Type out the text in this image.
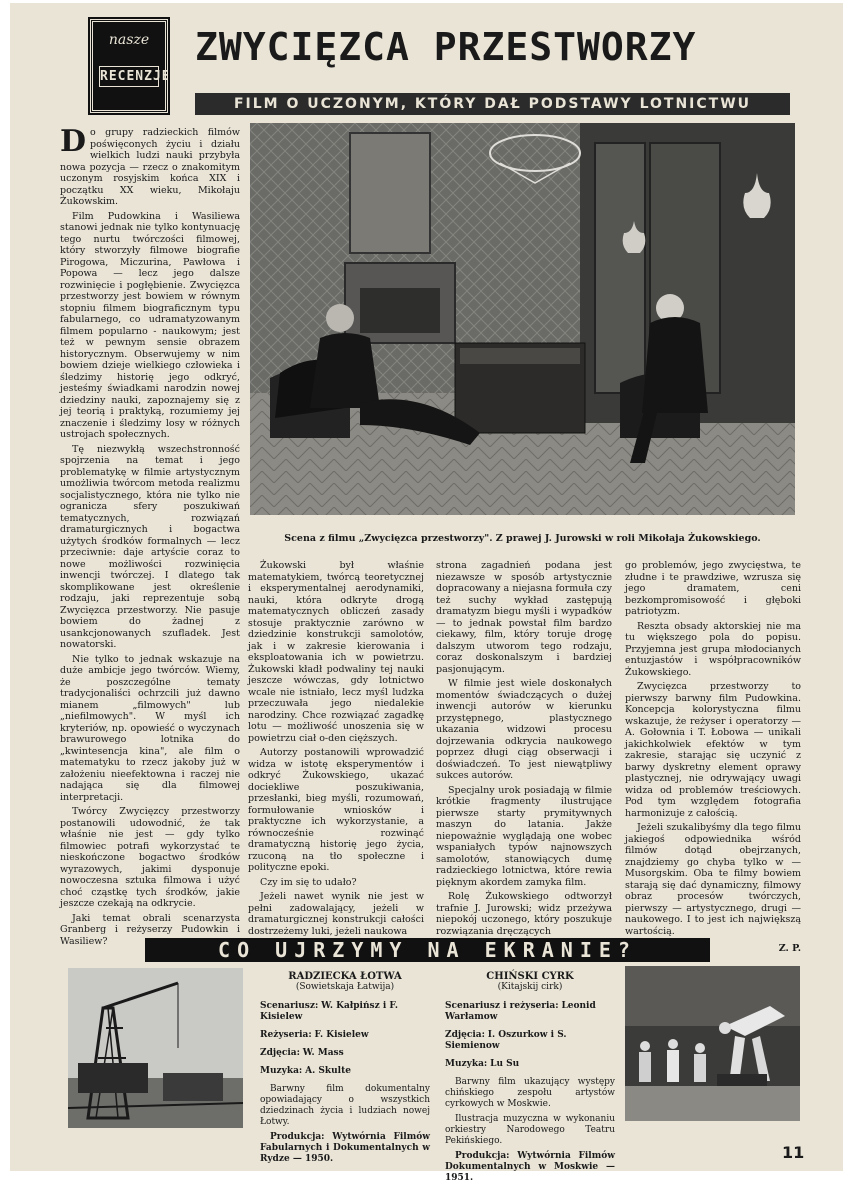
nasze
RECENZJE
ZWYCIĘZCA PRZESTWORZY
FILM O UCZONYM, KTÓRY DAŁ PODSTAWY LOTNICTWU

Do grupy radzieckich filmów poświęconych życiu i działu wielkich ludzi nauki przybyła nowa pozycja — rzecz o znakomitym uczonym rosyjskim końca XIX i początku XX wieku, Mikołaju Żukowskim.

Film Pudowkina i Wasiliewa stanowi jednak nie tylko kontynuację tego nurtu twórczości filmowej, który stworzyły filmowe biografie Pirogowa, Miczurina, Pawłowa i Popowa — lecz jego dalsze rozwinięcie i pogłębienie. Zwycięzca przestworzy jest bowiem w równym stopniu filmem biograficznym typu fabularnego, co udramatyzowanym filmem popularno - naukowym; jest też w pewnym sensie obrazem historycznym. Obserwujemy w nim bowiem dzieje wielkiego człowieka i śledzimy historię jego odkryć, jesteśmy świadkami narodzin nowej dziedziny nauki, zapoznajemy się z jej teorią i praktyką, rozumiemy jej znaczenie i śledzimy losy w różnych ustrojach społecznych.

Tę niezwykłą wszechstronność spojrzenia na temat i jego problematykę w filmie artystycznym umożliwia twórcom metoda realizmu socjalistycznego, która nie tylko nie ogranicza sfery poszukiwań tematycznych, rozwiązań dramaturgicznych i bogactwa użytych środków formalnych — lecz przeciwnie: daje artyście coraz to nowe możliwości rozwinięcia inwencji twórczej. I dlatego tak skomplikowane jest określenie rodzaju, jaki reprezentuje sobą Zwycięzca przestworzy. Nie pasuje bowiem do żadnej z usankcjonowanych szufladek. Jest nowatorski.

Nie tylko to jednak wskazuje na duże ambicje jego twórców. Wiemy, że poszczególne tematy tradycjonaliści ochrzcili już dawno mianem „filmowych" lub „niefilmowych". W myśl ich kryteriów, np. opowieść o wyczynach brawurowego lotnika do „kwintesencja kina", ale film o matematyku to rzecz jakoby już w założeniu nieefektowna i raczej nie nadająca się dla filmowej interpretacji.

Twórcy Zwycięzcy przestworzy postanowili udowodnić, że tak właśnie nie jest — gdy tylko filmowiec potrafi wykorzystać te nieskończone bogactwo środków wyrazowych, jakimi dysponuje nowoczesna sztuka filmowa i użyć choć cząstkę tych środków, jakie jeszcze czekają na odkrycie.

Jaki temat obrali scenarzysta Granberg i reżyserzy Pudowkin i Wasiliew?

Scena z filmu „Zwycięzca przestworzy". Z prawej J. Jurowski w roli Mikołaja Żukowskiego.

Żukowski był właśnie matematykiem, twórcą teoretycznej i eksperymentalnej aerodynamiki, nauki, która odkryte drogą matematycznych obliczeń zasady stosuje praktycznie zarówno w dziedzinie konstrukcji samolotów, jak i w zakresie kierowania i eksploatowania ich w powietrzu. Żukowski kładł podwaliny tej nauki jeszcze wówczas, gdy lotnictwo wcale nie istniało, lecz myśl ludzka przeczuwała jego niedalekie narodziny. Chce rozwiązać zagadkę lotu — możliwość unoszenia się w powietrzu ciał o-den cięższych.

Autorzy postanowili wprowadzić widza w istotę eksperymentów i odkryć Żukowskiego, ukazać dociekliwe poszukiwania, przesłanki, bieg myśli, rozumowań, formułowanie wniosków i praktyczne ich wykorzystanie, a równocześnie rozwinąć dramatyczną historię jego życia, rzuconą na tło społeczne i polityczne epoki.

Czy im się to udało?

Jeżeli nawet wynik nie jest w pełni zadowalający, jeżeli w dramaturgicznej konstrukcji całości dostrzeżemy luki, jeżeli naukowa

strona zagadnień podana jest niezawsze w sposób artystycznie dopracowany a niejasna formuła czy też suchy wykład zastępują dramatyzm biegu myśli i wypadków — to jednak powstał film bardzo ciekawy, film, który toruje drogę dalszym utworom tego rodzaju, coraz doskonalszym i bardziej pasjonującym.

W filmie jest wiele doskonałych momentów świadczących o dużej inwencji autorów w kierunku przystępnego, plastycznego ukazania widzowi procesu dojrzewania odkrycia naukowego poprzez długi ciąg obserwacji i doświadczeń. To jest niewątpliwy sukces autorów.

Specjalny urok posiadają w filmie krótkie fragmenty ilustrujące pierwsze starty prymitywnych maszyn do latania. Jakże niepoważnie wyglądają one wobec wspaniałych typów najnowszych samolotów, stanowiących dumę radzieckiego lotnictwa, które rewia pięknym akordem zamyka film.

Rolę Żukowskiego odtworzył trafnie J. Jurowski; widz przeżywa niepokój uczonego, który poszukuje rozwiązania dręczących

go problemów, jego zwycięstwa, te złudne i te prawdziwe, wzrusza się jego dramatem, ceni bezkompromisowość i głęboki patriotyzm.

Reszta obsady aktorskiej nie ma tu większego pola do popisu. Przyjemna jest grupa młodocianych entuzjastów i współpracowników Żukowskiego.

Zwycięzca przestworzy to pierwszy barwny film Pudowkina. Koncepcja kolorystyczna filmu wskazuje, że reżyser i operatorzy — A. Gołownia i T. Łobowa — unikali jakichkolwiek efektów w tym zakresie, starając się uczynić z barwy dyskretny element oprawy plastycznej, nie odrywający uwagi widza od problemów treściowych. Pod tym względem fotografia harmonizuje z całością.

Jeżeli szukalibyśmy dla tego filmu jakiegoś odpowiednika wśród filmów dotąd obejrzanych, znajdziemy go chyba tylko w — Musorgskim. Oba te filmy bowiem starają się dać dynamiczny, filmowy obraz procesów twórczych, pierwszy — artystycznego, drugi — naukowego. I to jest ich największą wartością.

Z. P.
CO UJRZYMY NA EKRANIE?
RADZIECKA ŁOTWA
(Sowietskaja Łatwija)
Scenariusz: W. Kałpińsz i F. Kisielew
Reżyseria: F. Kisielew
Zdjęcia: W. Mass
Muzyka: A. Skulte

Barwny film dokumentalny opowiadający o wszystkich dziedzinach życia i ludziach nowej Łotwy.

Produkcja: Wytwórnia Filmów Fabularnych i Dokumentalnych w Rydze — 1950.

CHIŃSKI CYRK
(Kitajskij cirk)
Scenariusz i reżyseria: Leonid Warłamow
Zdjęcia: I. Oszurkow i S. Siemienow
Muzyka: Lu Su

Barwny film ukazujący występy chińskiego zespołu artystów cyrkowych w Moskwie.

Ilustracja muzyczna w wykonaniu orkiestry Narodowego Teatru Pekińskiego.

Produkcja: Wytwórnia Filmów Dokumentalnych w Moskwie — 1951.

11
